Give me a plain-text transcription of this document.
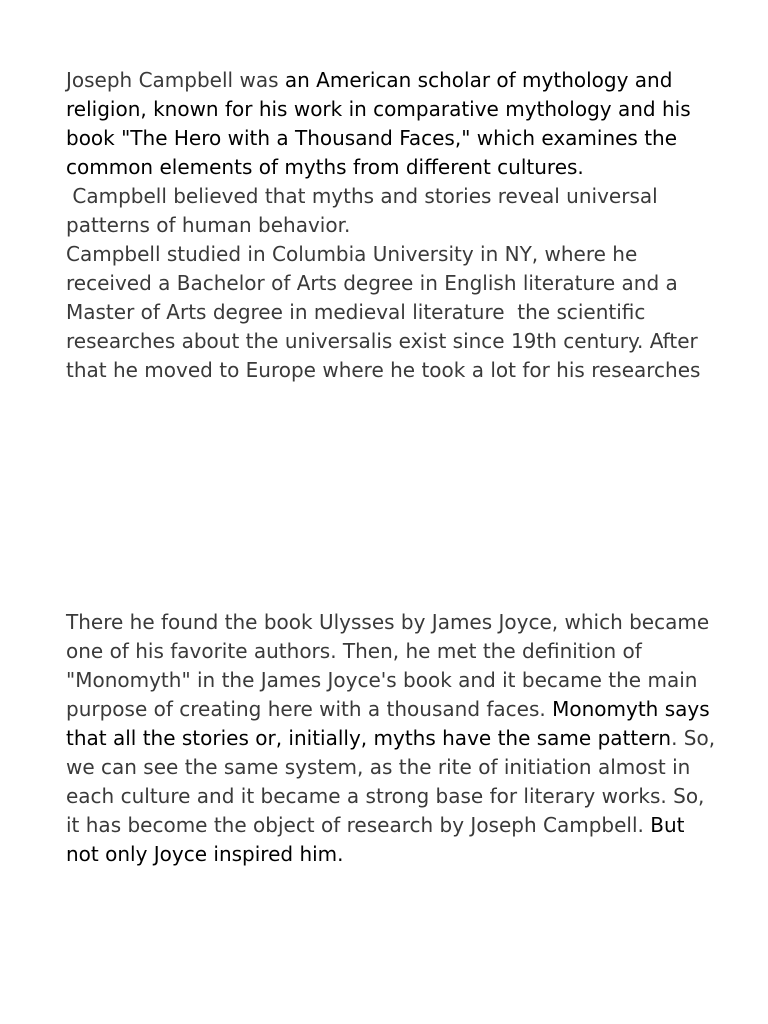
Joseph Campbell was an American scholar of mythology and religion, known for his work in comparative mythology and his book "The Hero with a Thousand Faces," which examines the common elements of myths from different cultures.

Campbell believed that myths and stories reveal universal patterns of human behavior.

Campbell studied in Columbia University in NY, where he received a Bachelor of Arts degree in English literature and a Master of Arts degree in medieval literature  the scientific researches about the universalis exist since 19th century. After that he moved to Europe where he took a lot for his researches

There he found the book Ulysses by James Joyce, which became one of his favorite authors. Then, he met the definition of "Monomyth" in the James Joyce's book and it became the main purpose of creating here with a thousand faces. Monomyth says that all the stories or, initially, myths have the same pattern. So, we can see the same system, as the rite of initiation almost in each culture and it became a strong base for literary works. So, it has become the object of research by Joseph Campbell. But not only Joyce inspired him.
